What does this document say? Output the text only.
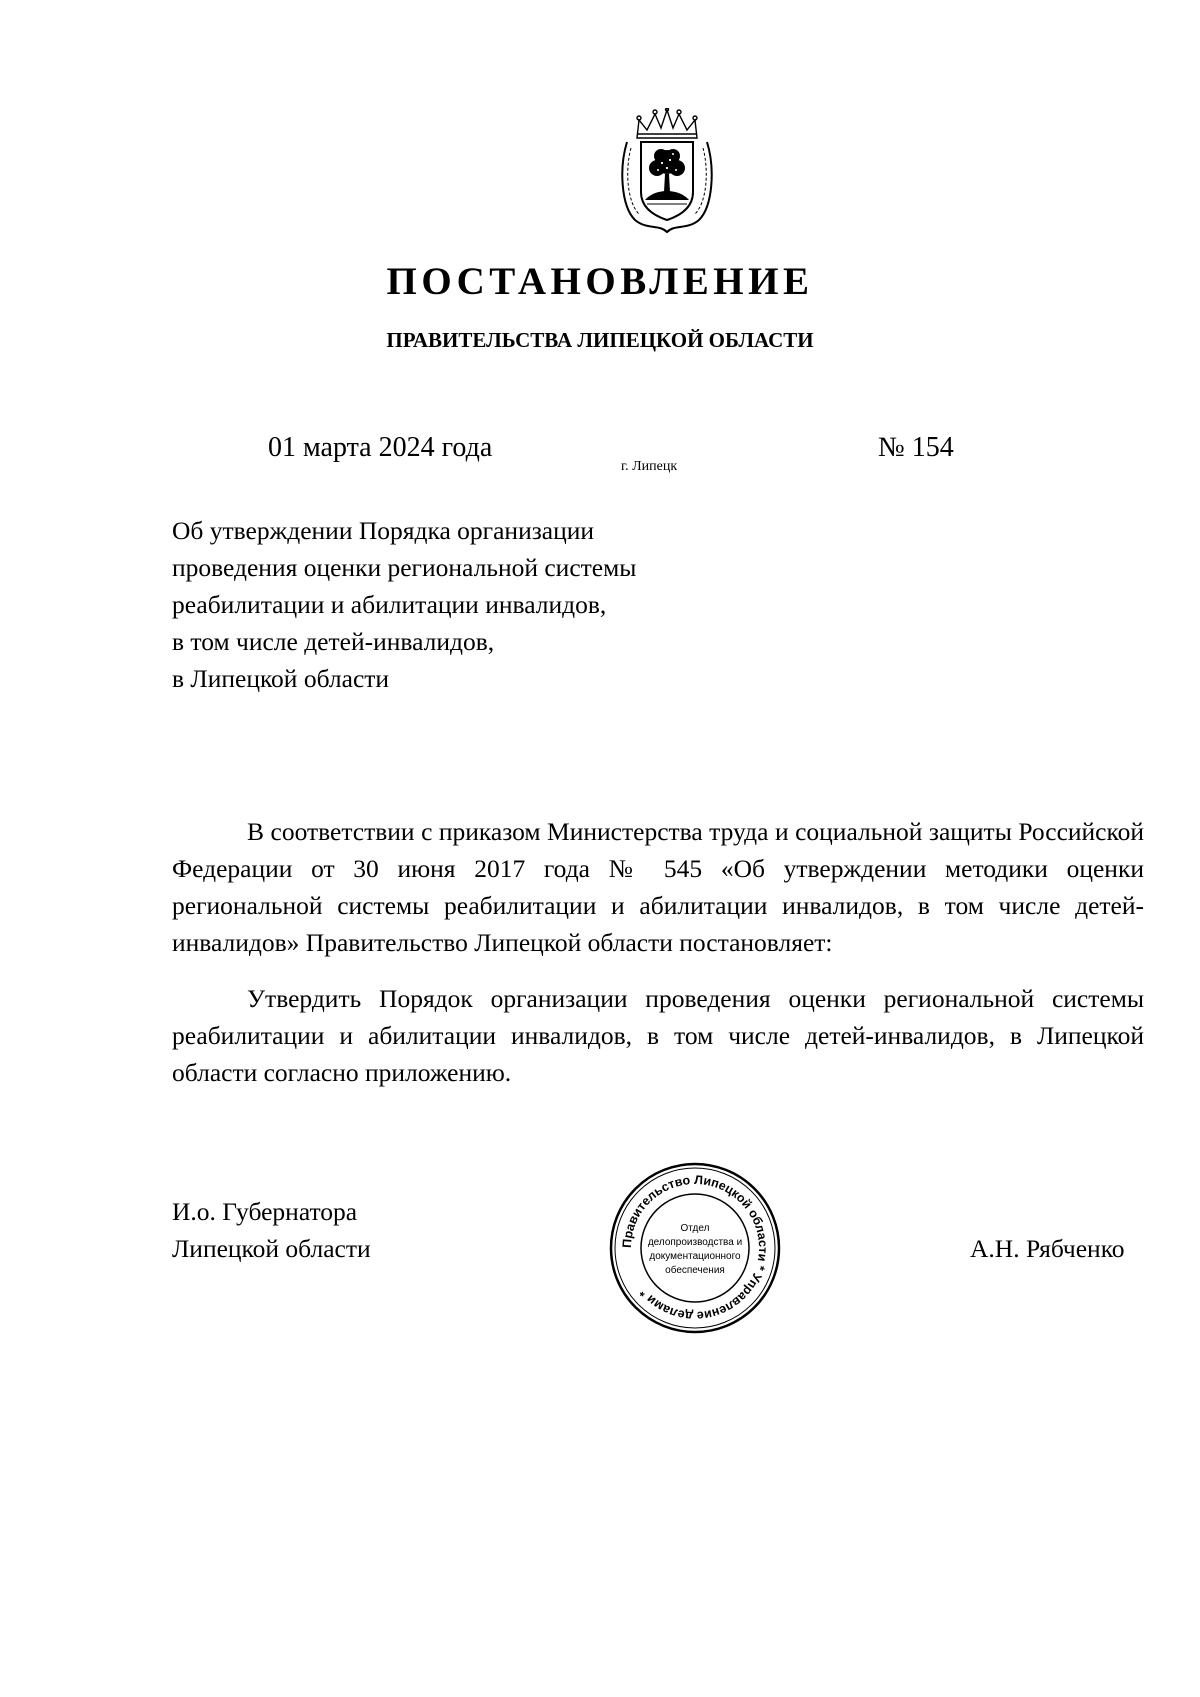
ПОСТАНОВЛЕНИЕ
ПРАВИТЕЛЬСТВА ЛИПЕЦКОЙ ОБЛАСТИ
01 марта 2024 года
г. Липецк
№ 154
Об утверждении Порядка организации
проведения оценки региональной системы
реабилитации и абилитации инвалидов,
в том числе детей-инвалидов,
в Липецкой области

В соответствии с приказом Министерства труда и социальной защиты Российской Федерации от 30 июня 2017 года № 545 «Об утверждении методики оценки региональной системы реабилитации и абилитации инвалидов, в том числе детей-инвалидов» Правительство Липецкой области постановляет:

Утвердить Порядок организации проведения оценки региональной системы реабилитации и абилитации инвалидов, в том числе детей-инвалидов, в Липецкой области согласно приложению.

И.о. Губернатора
Липецкой области	Правительство Липецкой области * Управление делами *
Отдел
делопроизводства и
документационного
обеспечения
А.Н. Рябченко
